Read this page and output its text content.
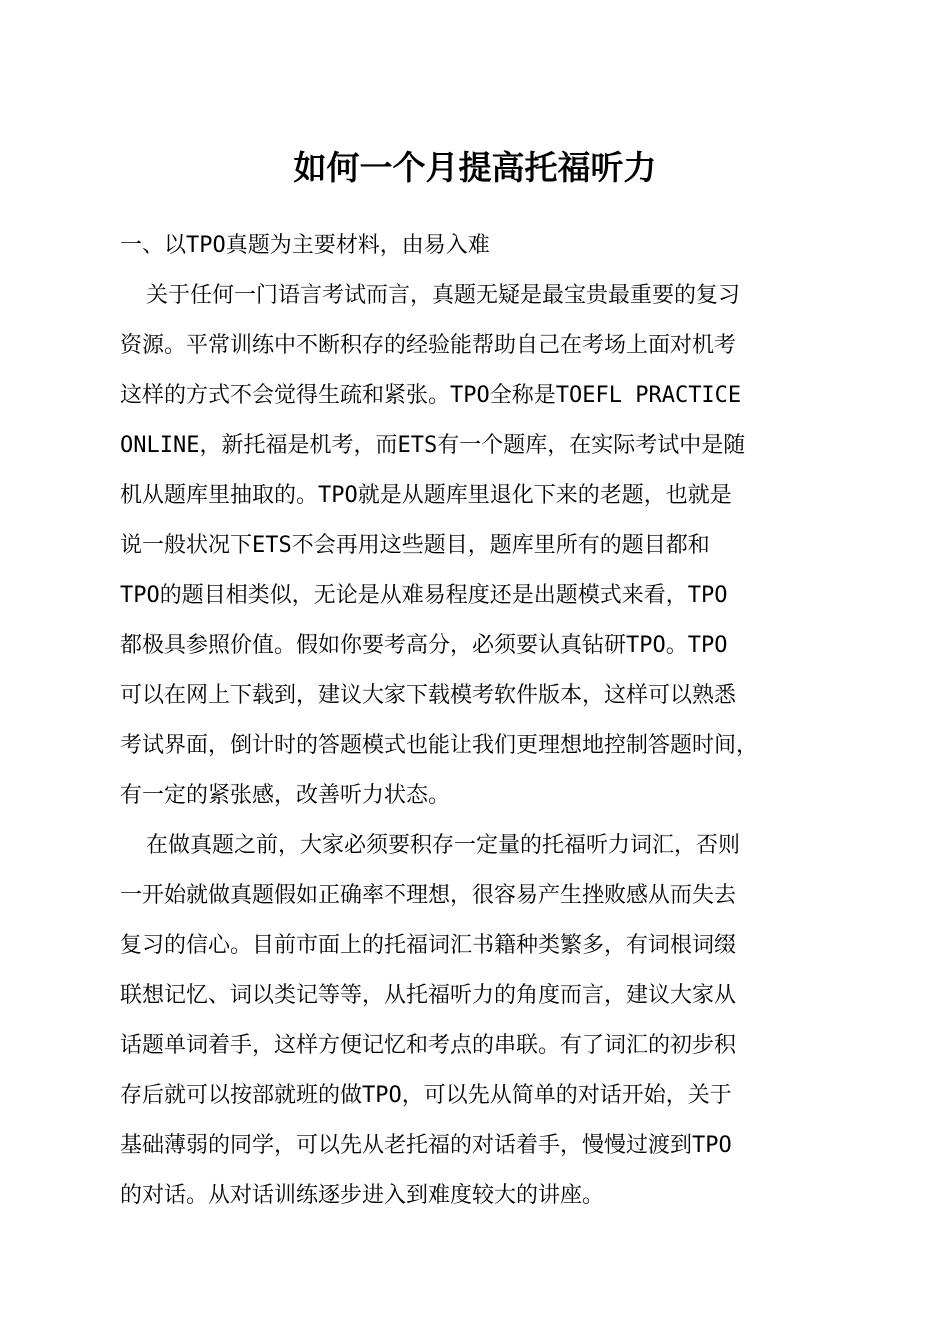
如何一个月提高托福听力
一、以TPO真题为主要材料，由易入难
关于任何一门语言考试而言，真题无疑是最宝贵最重要的复习
资源。平常训练中不断积存的经验能帮助自己在考场上面对机考
这样的方式不会觉得生疏和紧张。TPO全称是TOEFL PRACTICE
ONLINE，新托福是机考，而ETS有一个题库，在实际考试中是随
机从题库里抽取的。TPO就是从题库里退化下来的老题，也就是
说一般状况下ETS不会再用这些题目，题库里所有的题目都和
TPO的题目相类似，无论是从难易程度还是出题模式来看，TPO
都极具参照价值。假如你要考高分，必须要认真钻研TPO。TPO
可以在网上下载到，建议大家下载模考软件版本，这样可以熟悉
考试界面，倒计时的答题模式也能让我们更理想地控制答题时间，
有一定的紧张感，改善听力状态。
在做真题之前，大家必须要积存一定量的托福听力词汇，否则
一开始就做真题假如正确率不理想，很容易产生挫败感从而失去
复习的信心。目前市面上的托福词汇书籍种类繁多，有词根词缀
联想记忆、词以类记等等，从托福听力的角度而言，建议大家从
话题单词着手，这样方便记忆和考点的串联。有了词汇的初步积
存后就可以按部就班的做TPO，可以先从简单的对话开始，关于
基础薄弱的同学，可以先从老托福的对话着手，慢慢过渡到TPO
的对话。从对话训练逐步进入到难度较大的讲座。
